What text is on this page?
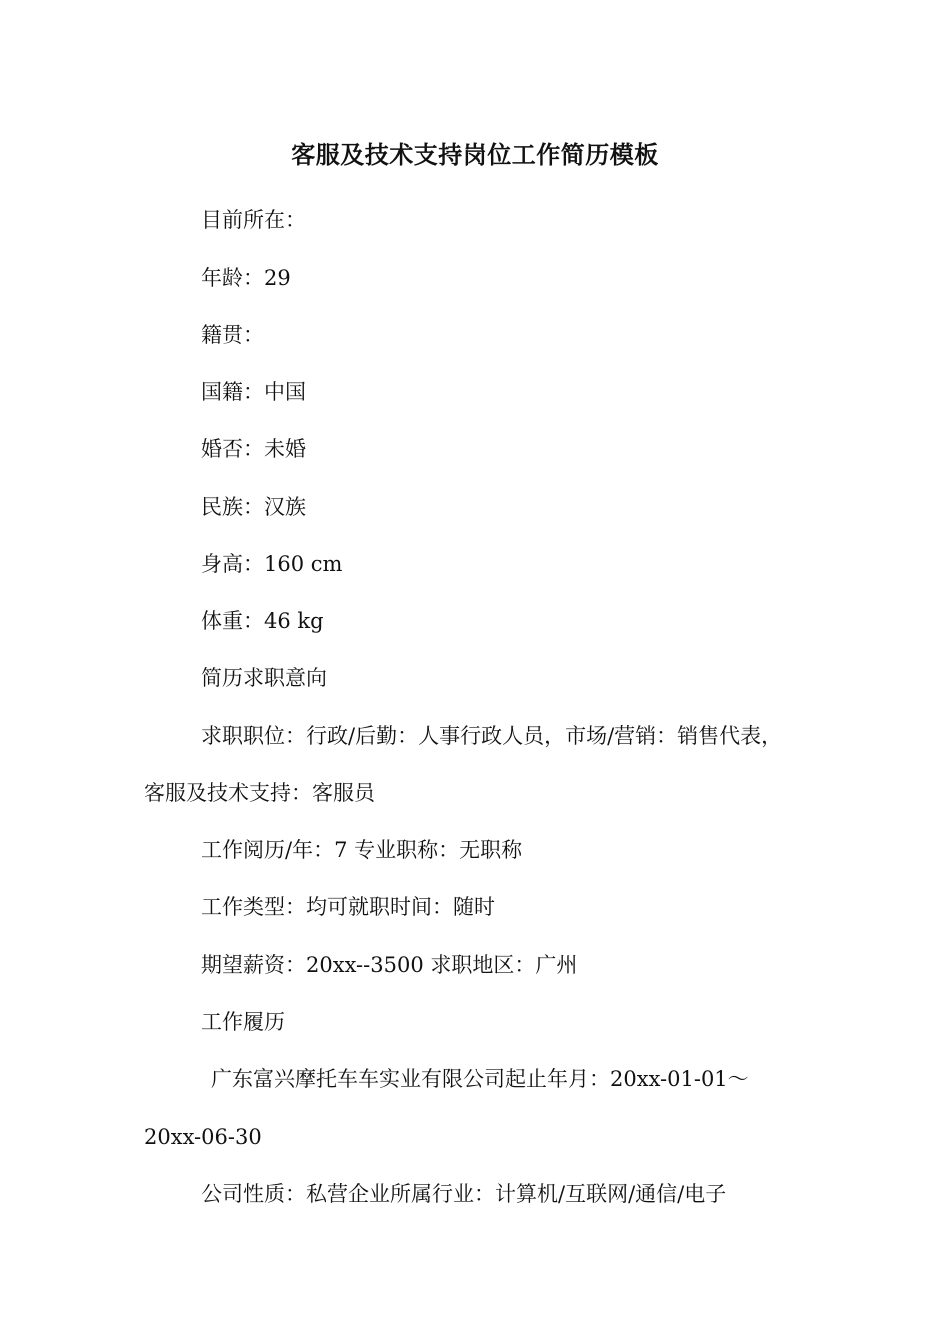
客服及技术支持岗位工作简历模板
目前所在：
年龄：29
籍贯：
国籍：中国
婚否：未婚
民族：汉族
身高：160 cm
体重：46 kg
简历求职意向
求职职位：行政/后勤：人事行政人员，市场/营销：销售代表，
客服及技术支持：客服员
工作阅历/年：7 专业职称：无职称
工作类型：均可就职时间：随时
期望薪资：20xx--3500 求职地区：广州
工作履历
广东富兴摩托车车实业有限公司起止年月：20xx-01-01～
20xx-06-30
公司性质：私营企业所属行业：计算机/互联网/通信/电子
